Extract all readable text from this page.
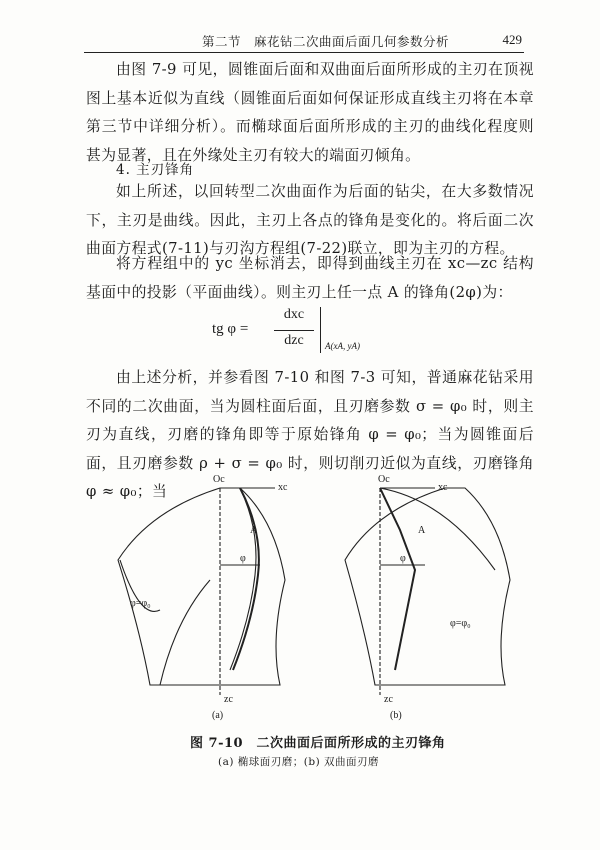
第二节　麻花钻二次曲面后面几何参数分析	429
由图 7-9 可见，圆锥面后面和双曲面后面所形成的主刃在顶视图上基本近似为直线（圆锥面后面如何保证形成直线主刃将在本章第三节中详细分析）。而椭球面后面所形成的主刃的曲线化程度则甚为显著，且在外缘处主刃有较大的端面刃倾角。
4. 主刃锋角
如上所述，以回转型二次曲面作为后面的钻尖，在大多数情况下，主刃是曲线。因此，主刃上各点的锋角是变化的。将后面二次曲面方程式(7-11)与刃沟方程组(7-22)联立，即为主刃的方程。
将方程组中的 yc 坐标消去，即得到曲线主刃在 xc—zc 结构基面中的投影（平面曲线）。则主刃上任一点 A 的锋角(2φ)为：
tg φ =
dxc
dzc	A(xA, yA)
由上述分析，并参看图 7-10 和图 7-3 可知，普通麻花钻采用不同的二次曲面，当为圆柱面后面，且刃磨参数 σ = φ₀ 时，则主刃为直线，刃磨的锋角即等于原始锋角 φ = φ₀；当为圆锥面后面，且刃磨参数 ρ + σ = φ₀ 时，则切削刃近似为直线，刃磨锋角 φ ≈ φ₀；当
Oc
xc
zc
A
φ
φ=φ₀
(a)
Oc
xc
zc
A
φ
φ=φ₀
(b)
图 7-10　二次曲面后面所形成的主刃锋角
(a) 椭球面刃磨；(b) 双曲面刃磨
